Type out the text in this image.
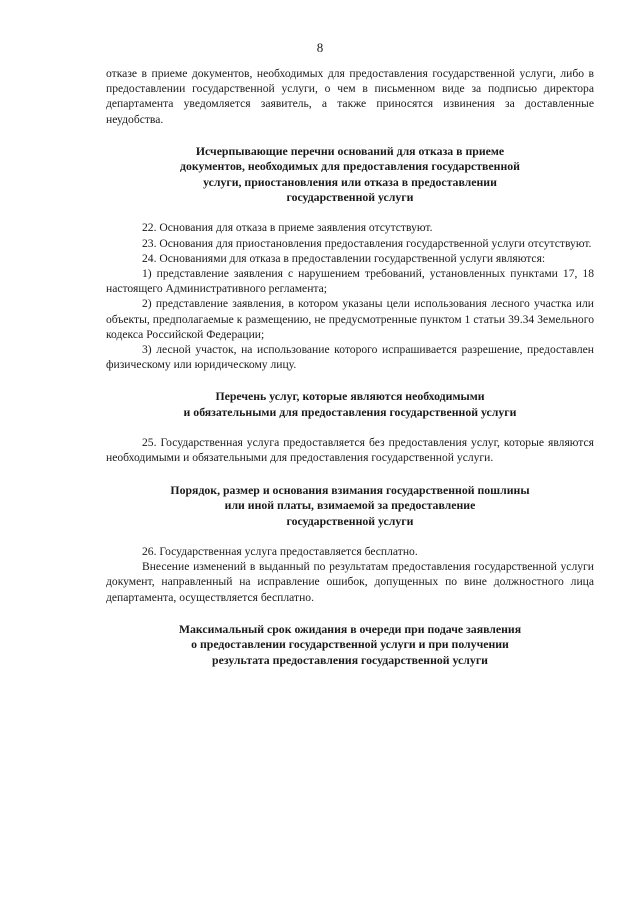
8

отказе в приеме документов, необходимых для предоставления государственной услуги, либо в предоставлении государственной услуги, о чем в письменном виде за подписью директора департамента уведомляется заявитель, а также приносятся извинения за доставленные неудобства.

Исчерпывающие перечни оснований для отказа в приеме
документов, необходимых для предоставления государственной
услуги, приостановления или отказа в предоставлении
государственной услуги

22. Основания для отказа в приеме заявления отсутствуют.

23. Основания для приостановления предоставления государственной услуги отсутствуют.

24. Основаниями для отказа в предоставлении государственной услуги являются:

1) представление заявления с нарушением требований, установленных пунктами 17, 18 настоящего Административного регламента;

2) представление заявления, в котором указаны цели использования лесного участка или объекты, предполагаемые к размещению, не предусмотренные пунктом 1 статьи 39.34 Земельного кодекса Российской Федерации;

3) лесной участок, на использование которого испрашивается разрешение, предоставлен физическому или юридическому лицу.

Перечень услуг, которые являются необходимыми
и обязательными для предоставления государственной услуги

25. Государственная услуга предоставляется без предоставления услуг, которые являются необходимыми и обязательными для предоставления государственной услуги.

Порядок, размер и основания взимания государственной пошлины
или иной платы, взимаемой за предоставление
государственной услуги

26. Государственная услуга предоставляется бесплатно.

Внесение изменений в выданный по результатам предоставления государственной услуги документ, направленный на исправление ошибок, допущенных по вине должностного лица департамента, осуществляется бесплатно.

Максимальный срок ожидания в очереди при подаче заявления
о предоставлении государственной услуги и при получении
результата предоставления государственной услуги
